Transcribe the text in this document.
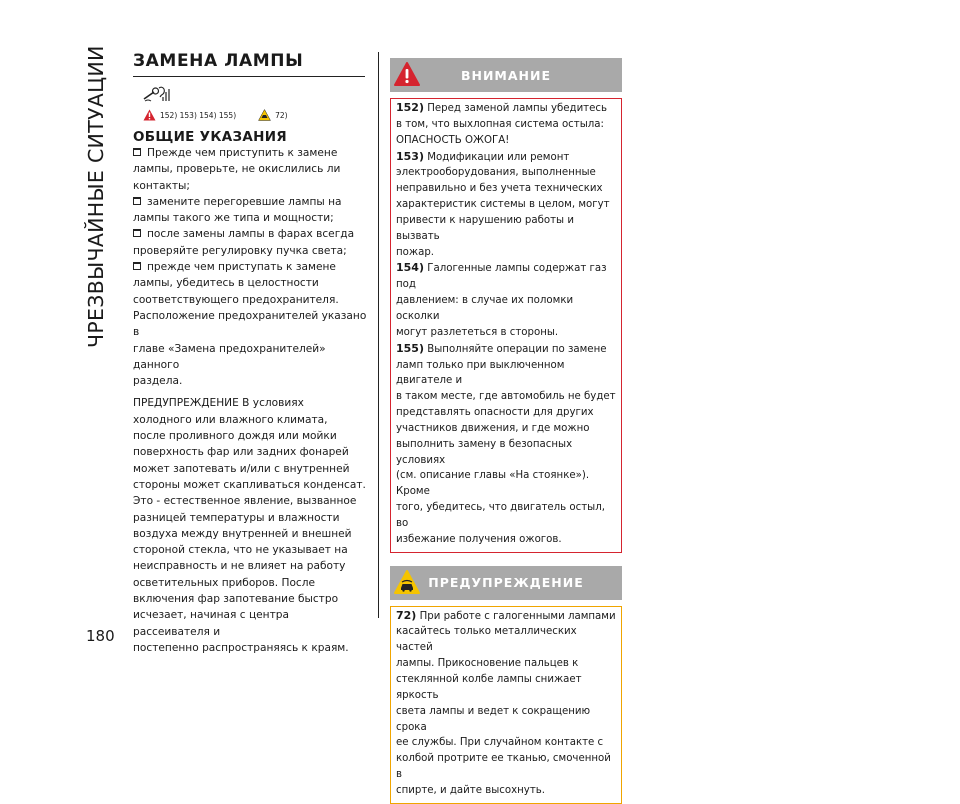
ЧРЕЗВЫЧАЙНЫЕ СИТУАЦИИ
180
ЗАМЕНА ЛАМПЫ
152) 153) 154) 155)	72)
ОБЩИЕ УКАЗАНИЯ

Прежде чем приступить к замене
лампы, проверьте, не окислились ли
контакты;

замените перегоревшие лампы на
лампы такого же типа и мощности;

после замены лампы в фарах всегда
проверяйте регулировку пучка света;

прежде чем приступать к замене
лампы, убедитесь в целостности
соответствующего предохранителя.

Расположение предохранителей указано в
главе «Замена предохранителей» данного
раздела.

ПРЕДУПРЕЖДЕНИЕ В условиях
холодного или влажного климата,
после проливного дождя или мойки
поверхность фар или задних фонарей
может запотевать и/или с внутренней
стороны может скапливаться конденсат.
Это - естественное явление, вызванное
разницей температуры и влажности
воздуха между внутренней и внешней
стороной стекла, что не указывает на
неисправность и не влияет на работу
осветительных приборов. После
включения фар запотевание быстро
исчезает, начиная с центра рассеивателя и
постепенно распространяясь к краям.

ВНИМАНИЕ

152) Перед заменой лампы убедитесь
в том, что выхлопная система остыла:
ОПАСНОСТЬ ОЖОГА!

153) Модификации или ремонт
электрооборудования, выполненные
неправильно и без учета технических
характеристик системы в целом, могут
привести к нарушению работы и вызвать
пожар.

154) Галогенные лампы содержат газ под
давлением: в случае их поломки осколки
могут разлететься в стороны.

155) Выполняйте операции по замене
ламп только при выключенном двигателе и
в таком месте, где автомобиль не будет
представлять опасности для других
участников движения, и где можно
выполнить замену в безопасных условиях
(см. описание главы «На стоянке»). Кроме
того, убедитесь, что двигатель остыл, во
избежание получения ожогов.

ПРЕДУПРЕЖДЕНИЕ

72) При работе с галогенными лампами
касайтесь только металлических частей
лампы. Прикосновение пальцев к
стеклянной колбе лампы снижает яркость
света лампы и ведет к сокращению срока
ее службы. При случайном контакте с
колбой протрите ее тканью, смоченной в
спирте, и дайте высохнуть.
